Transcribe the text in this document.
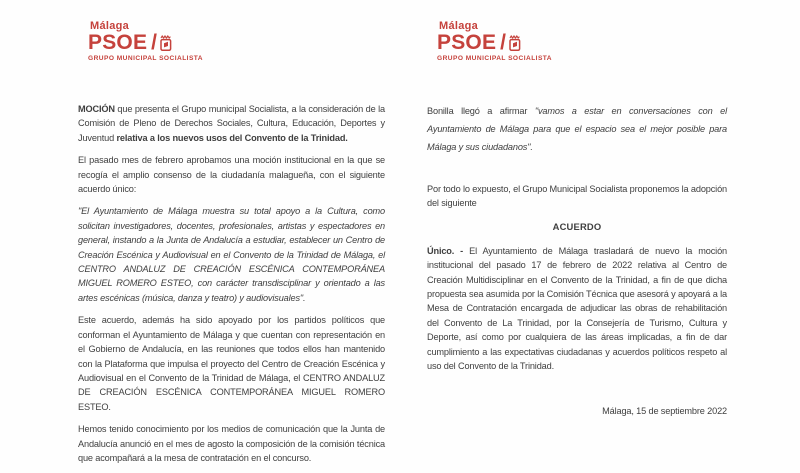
Málaga
PSOE /
GRUPO MUNICIPAL SOCIALISTA

MOCIÓN que presenta el Grupo municipal Socialista, a la consideración de la Comisión de Pleno de Derechos Sociales, Cultura, Educación, Deportes y Juventud relativa a los nuevos usos del Convento de la Trinidad.

El pasado mes de febrero aprobamos una moción institucional en la que se recogía el amplio consenso de la ciudadanía malagueña, con el siguiente acuerdo único:

"El Ayuntamiento de Málaga muestra su total apoyo a la Cultura, como solicitan investigadores, docentes, profesionales, artistas y espectadores en general, instando a la Junta de Andalucía a estudiar, establecer un Centro de Creación Escénica y Audiovisual en el Convento de la Trinidad de Málaga, el CENTRO ANDALUZ DE CREACIÓN ESCÉNICA CONTEMPORÁNEA MIGUEL ROMERO ESTEO, con carácter transdisciplinar y orientado a las artes escénicas (música, danza y teatro) y audiovisuales".

Este acuerdo, además ha sido apoyado por los partidos políticos que conforman el Ayuntamiento de Málaga y que cuentan con representación en el Gobierno de Andalucía, en las reuniones que todos ellos han mantenido con la Plataforma que impulsa el proyecto del Centro de Creación Escénica y Audiovisual en el Convento de la Trinidad de Málaga, el CENTRO ANDALUZ DE CREACIÓN ESCÉNICA CONTEMPORÁNEA MIGUEL ROMERO ESTEO.

Hemos tenido conocimiento por los medios de comunicación que la Junta de Andalucía anunció en el mes de agosto la composición de la comisión técnica que acompañará a la mesa de contratación en el concurso.

Málaga
PSOE /
GRUPO MUNICIPAL SOCIALISTA

Bonilla llegó a afirmar "vamos a estar en conversaciones con el Ayuntamiento de Málaga para que el espacio sea el mejor posible para Málaga y sus ciudadanos".

Por todo lo expuesto, el Grupo Municipal Socialista proponemos la adopción del siguiente

ACUERDO

Único. - El Ayuntamiento de Málaga trasladará de nuevo la moción institucional del pasado 17 de febrero de 2022 relativa al Centro de Creación Multidisciplinar en el Convento de la Trinidad, a fin de que dicha propuesta sea asumida por la Comisión Técnica que asesorá y apoyará a la Mesa de Contratación encargada de adjudicar las obras de rehabilitación del Convento de La Trinidad, por la Consejería de Turismo, Cultura y Deporte, así como por cualquiera de las áreas implicadas, a fin de dar cumplimiento a las expectativas ciudadanas y acuerdos políticos respeto al uso del Convento de la Trinidad.

Málaga, 15 de septiembre 2022
